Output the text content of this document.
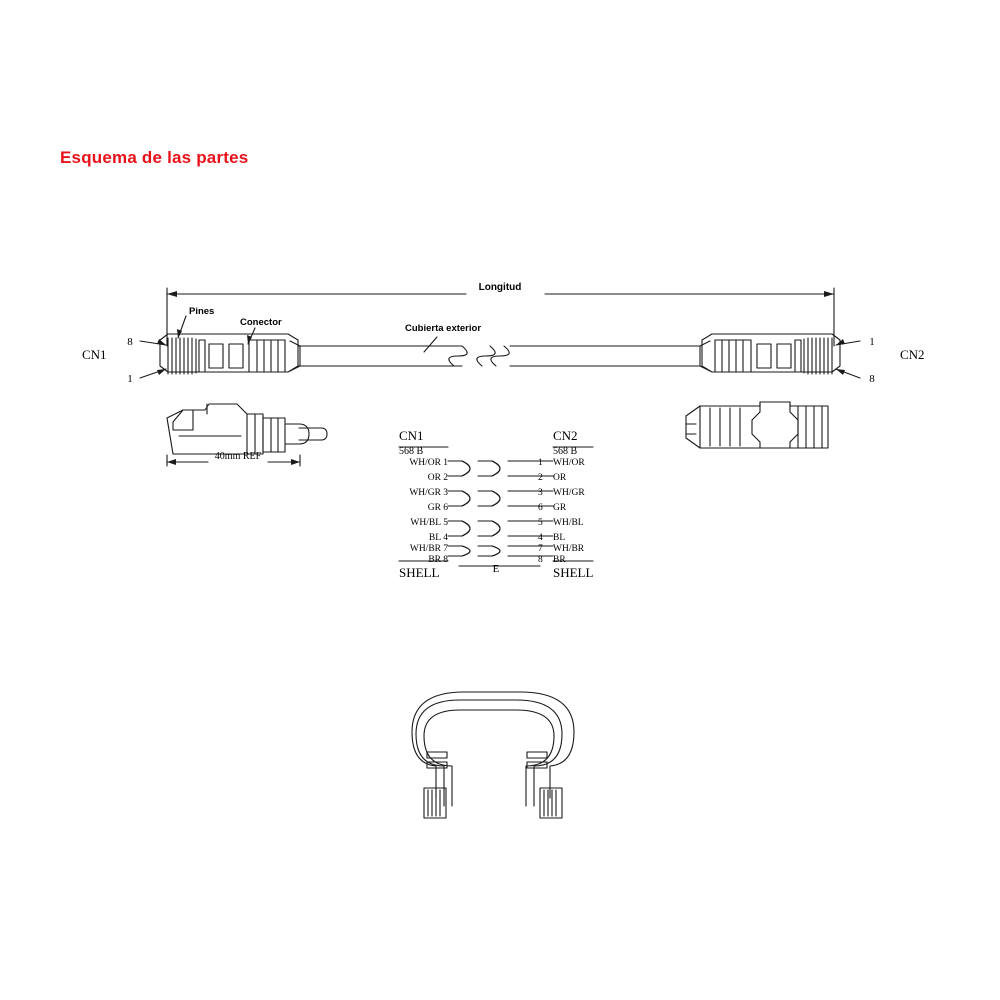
Esquema de las partes
Longitud
Pines
Conector
Cubierta exterior
CN1
8
1
CN2
1
8
40mm REF
CN1
568 B
CN2
568 B
WH/OR 1	1 WH/OR
OR 2	2 OR
WH/GR 3	3 WH/GR
GR 6	6 GR
WH/BL 5	5 WH/BL
BL 4	4 BL
WH/BR 7	7 WH/BR
BR 8	8 BR
SHELL	E	SHELL
